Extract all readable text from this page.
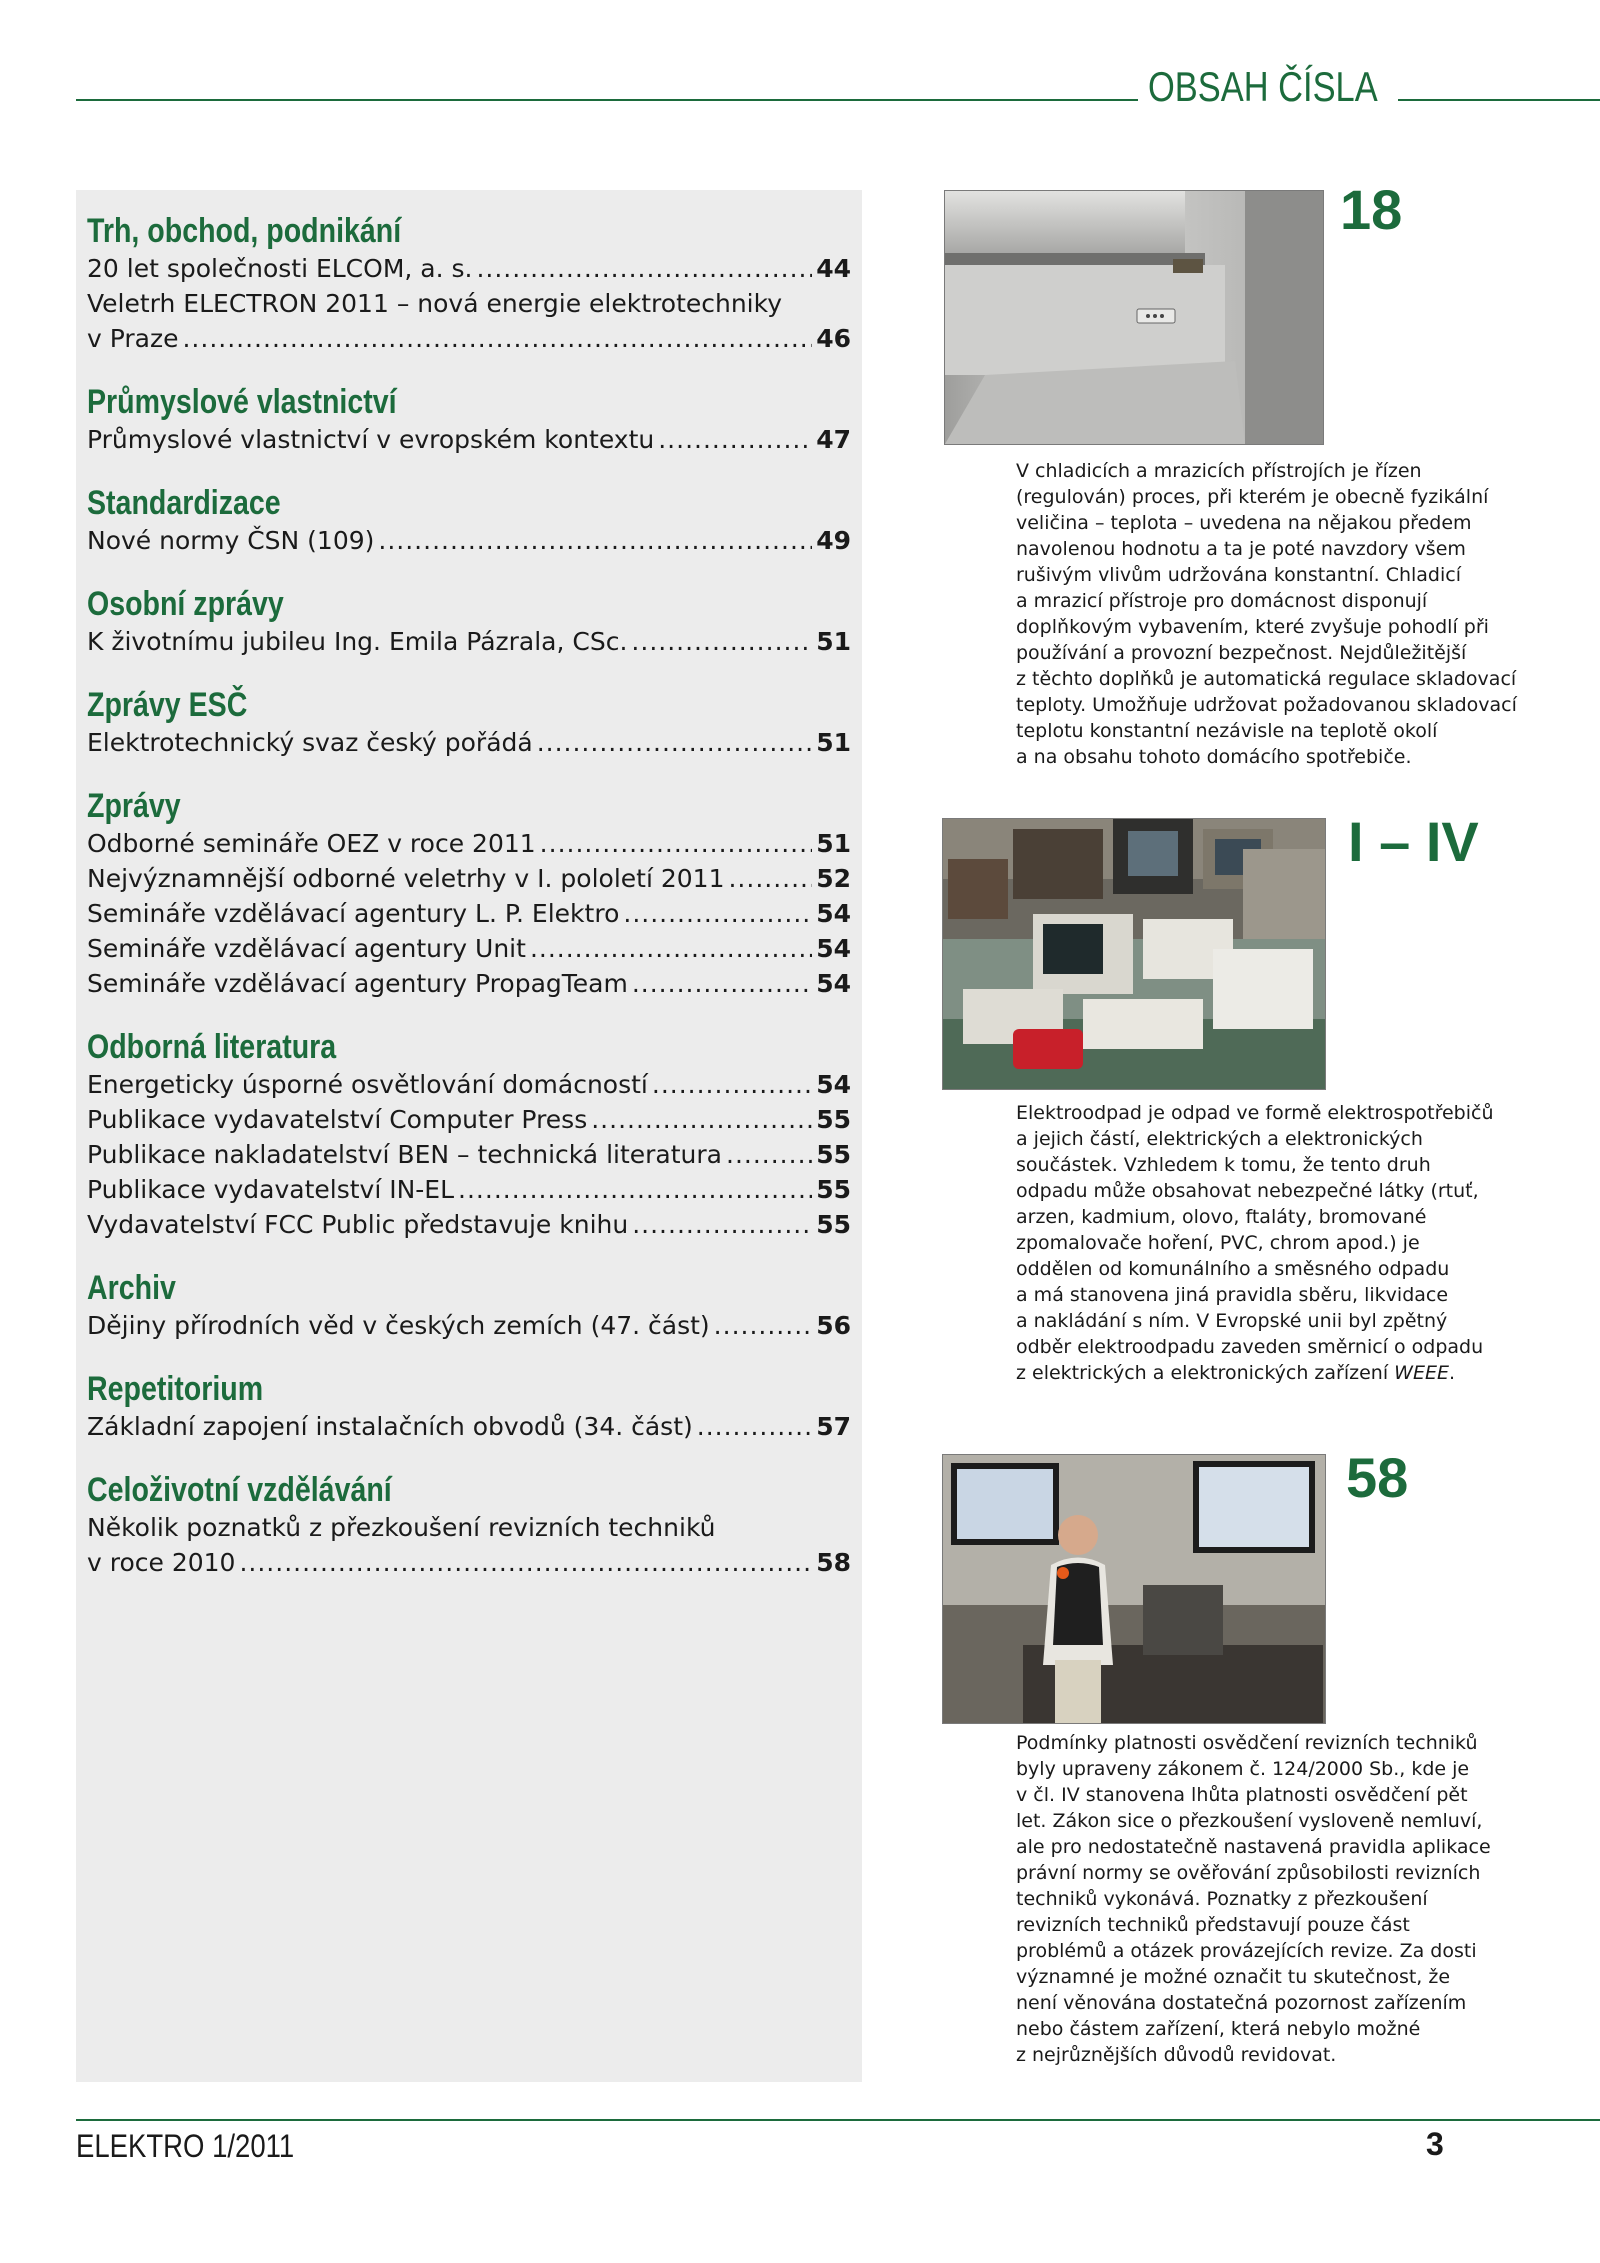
OBSAH ČÍSLA
Trh, obchod, podnikání
20 let společnosti ELCOM, a. s. .....	44
Veletrh ELECTRON 2011 – nová energie elektrotechniky
v Praze .....	46
Průmyslové vlastnictví
Průmyslové vlastnictví v evropském kontextu .....	47
Standardizace
Nové normy ČSN (109) .....	49
Osobní zprávy
K životnímu jubileu Ing. Emila Pázrala, CSc. .....	51
Zprávy ESČ
Elektrotechnický svaz český pořádá .....	51
Zprávy
Odborné semináře OEZ v roce 2011 .....	51
Nejvýznamnější odborné veletrhy v I. pololetí 2011 .....	52
Semináře vzdělávací agentury L. P. Elektro .....	54
Semináře vzdělávací agentury Unit .....	54
Semináře vzdělávací agentury PropagTeam .....	54
Odborná literatura
Energeticky úsporné osvětlování domácností .....	54
Publikace vydavatelství Computer Press .....	55
Publikace nakladatelství BEN – technická literatura .....	55
Publikace vydavatelství IN-EL .....	55
Vydavatelství FCC Public představuje knihu .....	55
Archiv
Dějiny přírodních věd v českých zemích (47. část) .....	56
Repetitorium
Základní zapojení instalačních obvodů (34. část) .....	57
Celoživotní vzdělávání
Několik poznatků z přezkoušení revizních techniků
v roce 2010 .....	58
18
V chladicích a mrazicích přístrojích je řízen
(regulován) proces, při kterém je obecně fyzikální
veličina – teplota – uvedena na nějakou předem
navolenou hodnotu a ta je poté navzdory všem
rušivým vlivům udržována konstantní. Chladicí
a mrazicí přístroje pro domácnost disponují
doplňkovým vybavením, které zvyšuje pohodlí při
používání a provozní bezpečnost. Nejdůležitější
z těchto doplňků je automatická regulace skladovací
teploty. Umožňuje udržovat požadovanou skladovací
teplotu konstantní nezávisle na teplotě okolí
a na obsahu tohoto domácího spotřebiče.
I – IV
Elektroodpad je odpad ve formě elektrospotřebičů
a jejich částí, elektrických a elektronických
součástek. Vzhledem k tomu, že tento druh
odpadu může obsahovat nebezpečné látky (rtuť,
arzen, kadmium, olovo, ftaláty, bromované
zpomalovače hoření, PVC, chrom apod.) je
oddělen od komunálního a směsného odpadu
a má stanovena jiná pravidla sběru, likvidace
a nakládání s ním. V Evropské unii byl zpětný
odběr elektroodpadu zaveden směrnicí o odpadu
z elektrických a elektronických zařízení WEEE.
58
Podmínky platnosti osvědčení revizních techniků
byly upraveny zákonem č. 124/2000 Sb., kde je
v čl. IV stanovena lhůta platnosti osvědčení pět
let. Zákon sice o přezkoušení vysloveně nemluví,
ale pro nedostatečně nastavená pravidla aplikace
právní normy se ověřování způsobilosti revizních
techniků vykonává. Poznatky z přezkoušení
revizních techniků představují pouze část
problémů a otázek provázejících revize. Za dosti
významné je možné označit tu skutečnost, že
není věnována dostatečná pozornost zařízením
nebo částem zařízení, která nebylo možné
z nejrůznějších důvodů revidovat.
ELEKTRO 1/2011	3
